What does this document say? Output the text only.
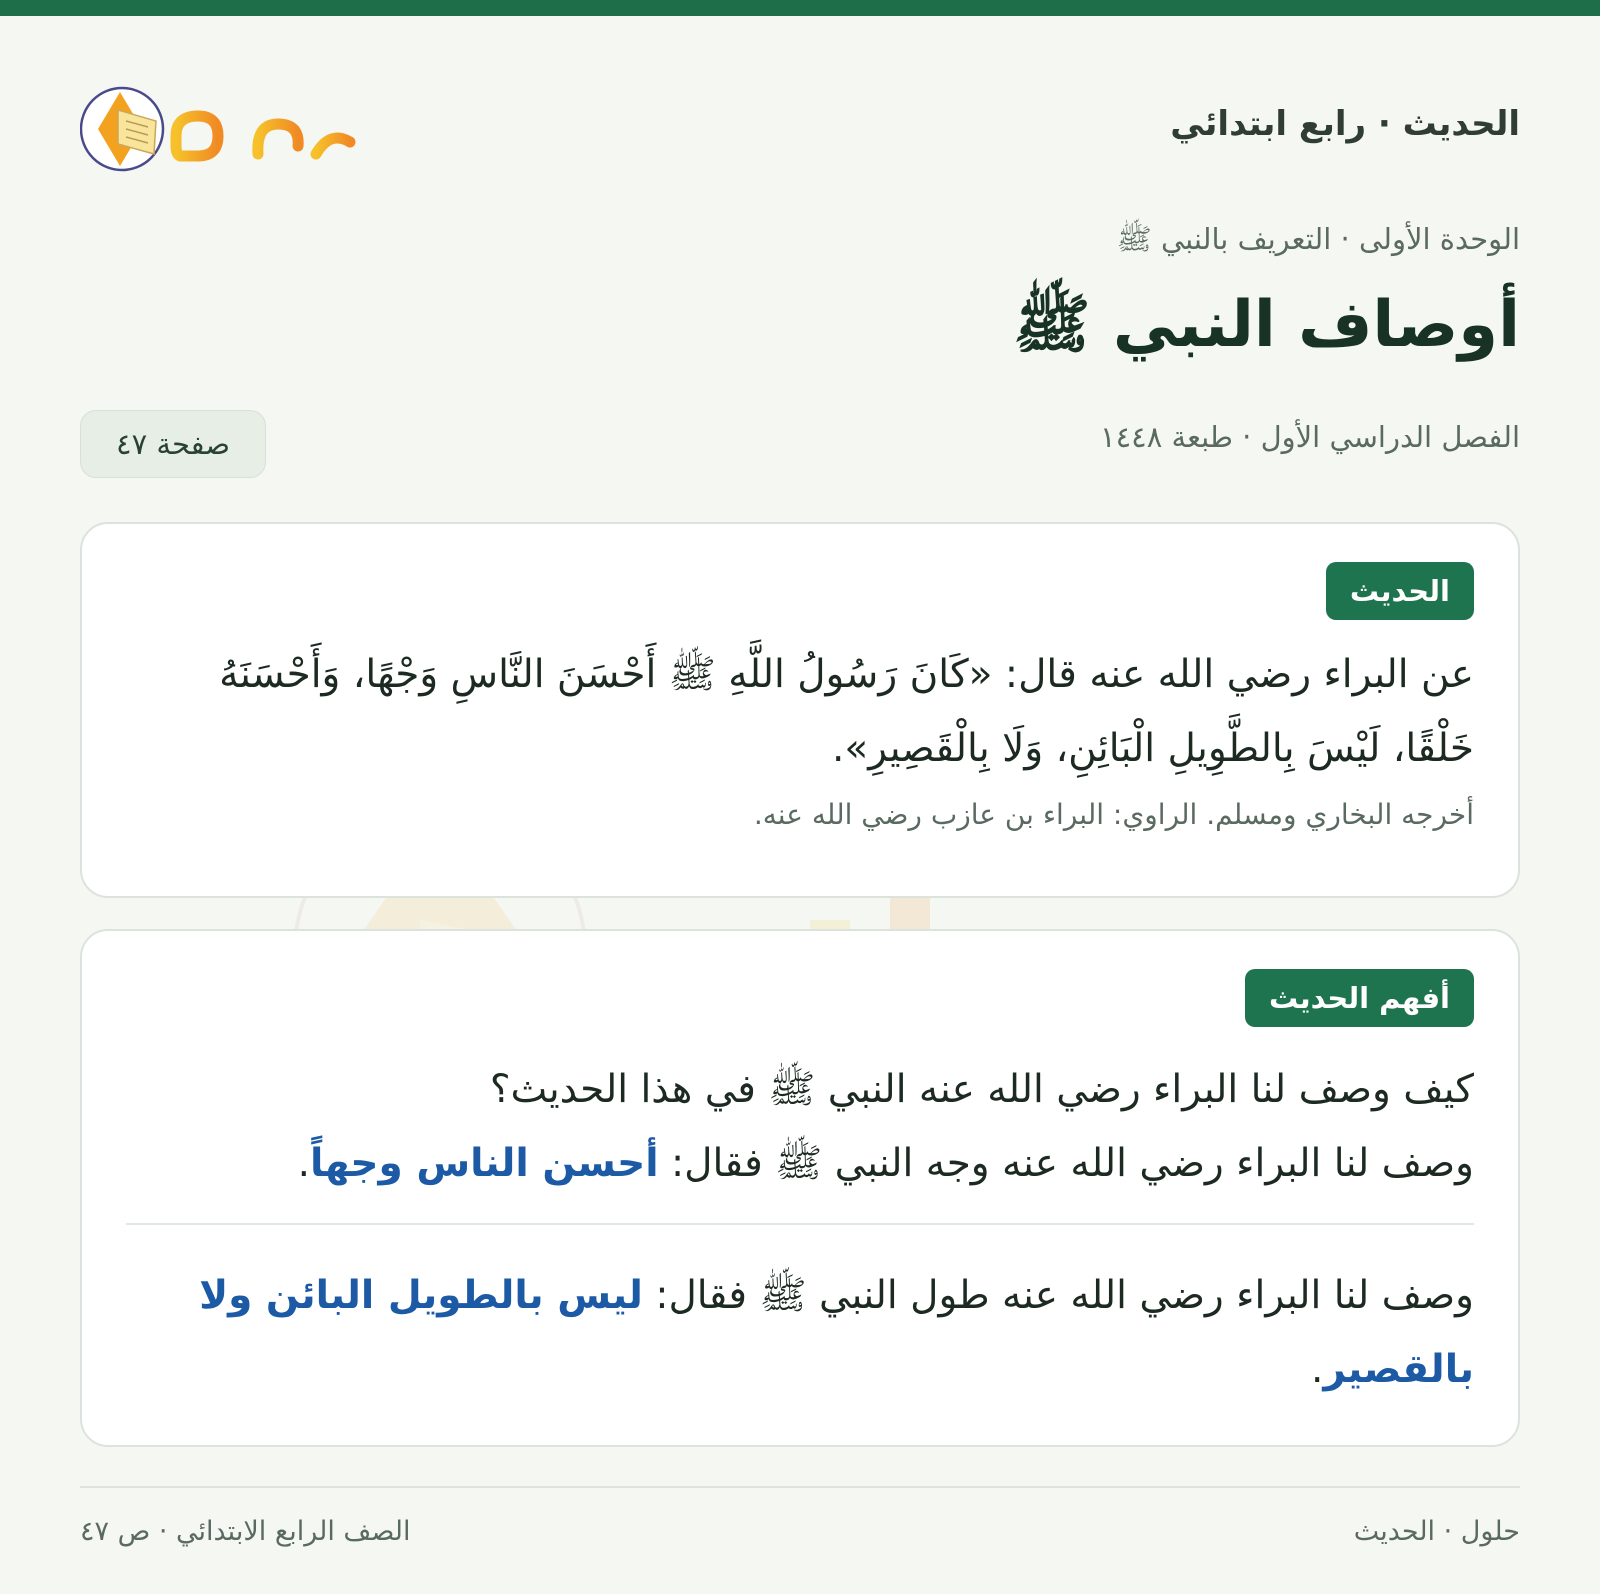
الحديث · رابع ابتدائي
الوحدة الأولى · التعريف بالنبي ﷺ
أوصاف النبي ﷺ
الفصل الدراسي الأول · طبعة ١٤٤٨
صفحة ٤٧
الحديث
عن البراء رضي الله عنه قال: «كَانَ رَسُولُ اللَّهِ ﷺ أَحْسَنَ النَّاسِ وَجْهًا، وَأَحْسَنَهُ خَلْقًا، لَيْسَ بِالطَّوِيلِ الْبَائِنِ، وَلَا بِالْقَصِيرِ».
أخرجه البخاري ومسلم. الراوي: البراء بن عازب رضي الله عنه.
أفهم الحديث
كيف وصف لنا البراء رضي الله عنه النبي ﷺ في هذا الحديث؟
وصف لنا البراء رضي الله عنه وجه النبي ﷺ فقال: أحسن الناس وجهاً.
وصف لنا البراء رضي الله عنه طول النبي ﷺ فقال: ليس بالطويل البائن ولا بالقصير.
حلول · الحديث
الصف الرابع الابتدائي · ص ٤٧
